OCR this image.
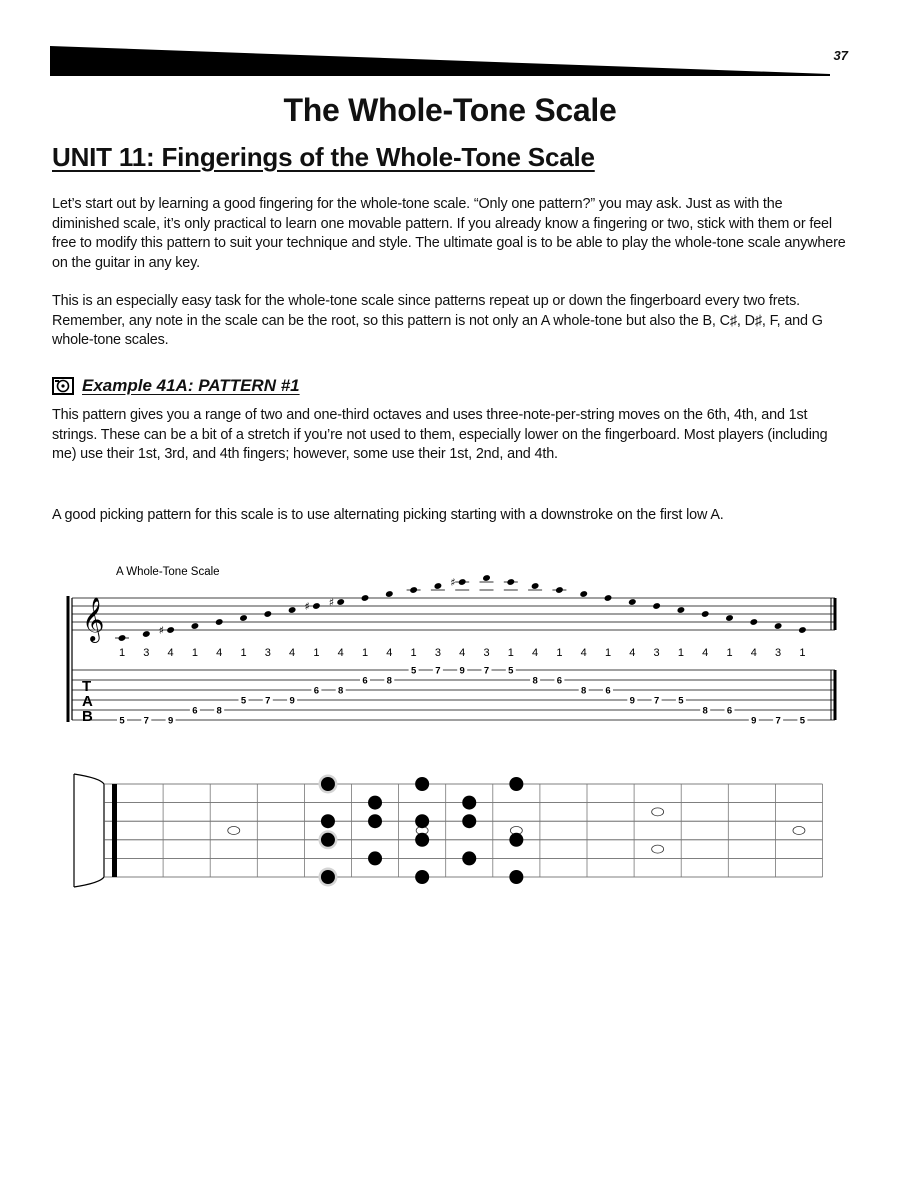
37
The Whole-Tone Scale
UNIT 11: Fingerings of the Whole-Tone Scale

Let’s start out by learning a good fingering for the whole-tone scale. “Only one pattern?” you may ask. Just as with the diminished scale, it’s only practical to learn one movable pattern. If you already know a fingering or two, stick with them or feel free to modify this pattern to suit your technique and style. The ultimate goal is to be able to play the whole-tone scale anywhere on the guitar in any key.

This is an especially easy task for the whole-tone scale since patterns repeat up or down the fingerboard every two frets. Remember, any note in the scale can be the root, so this pattern is not only an A whole-tone but also the B, C♯, D♯, F, and G whole-tone scales.

Example 41A: PATTERN #1

This pattern gives you a range of two and one-third octaves and uses three-note-per-string moves on the 6th, 4th, and 1st strings. These can be a bit of a stretch if you’re not used to them, especially lower on the fingerboard. Most players (including me) use their 1st, 3rd, and 4th fingers; however, some use their 1st, 2nd, and 4th.

A good picking pattern for this scale is to use alternating picking starting with a downstroke on the first low A.

A Whole-Tone Scale
𝄞	♯
♯ ♯
♯
1 3 4 1 4 1 3 4 1 4 1 4 1 3 4 3 1 4 1 4 1 4 3 1 4 1 4 3 1
T
A
B	5 7 9
6 8
5 7 9
6 8
6 8
5 7 9 7 5
8 6
8 6
9 7 5
8 6
9 7 5
